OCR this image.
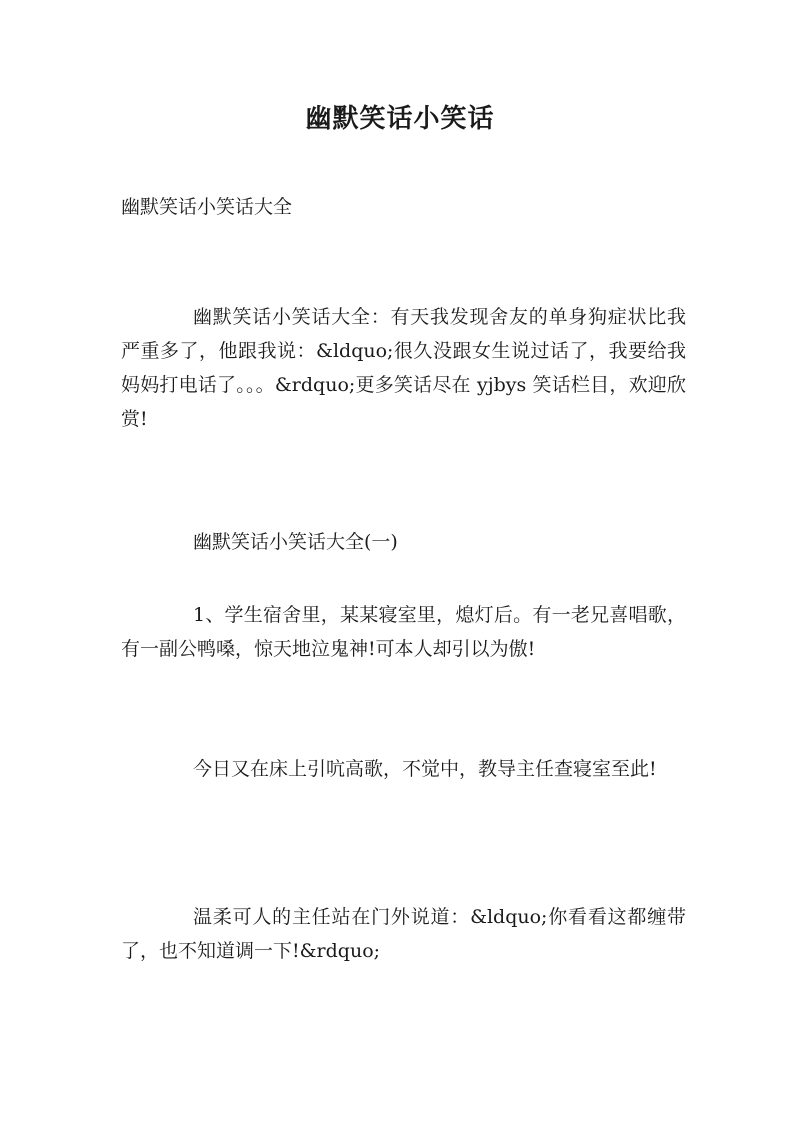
幽默笑话小笑话

幽默笑话小笑话大全

幽默笑话小笑话大全：有天我发现舍友的单身狗症状比我严重多了，他跟我说：&ldquo;很久没跟女生说过话了，我要给我妈妈打电话了。。。&rdquo;更多笑话尽在 yjbys 笑话栏目，欢迎欣赏!

幽默笑话小笑话大全(一)

1、学生宿舍里，某某寝室里，熄灯后。有一老兄喜唱歌，有一副公鸭嗓，惊天地泣鬼神!可本人却引以为傲!

今日又在床上引吭高歌，不觉中，教导主任查寝室至此!

温柔可人的主任站在门外说道：&ldquo;你看看这都缠带了，也不知道调一下!&rdquo;
